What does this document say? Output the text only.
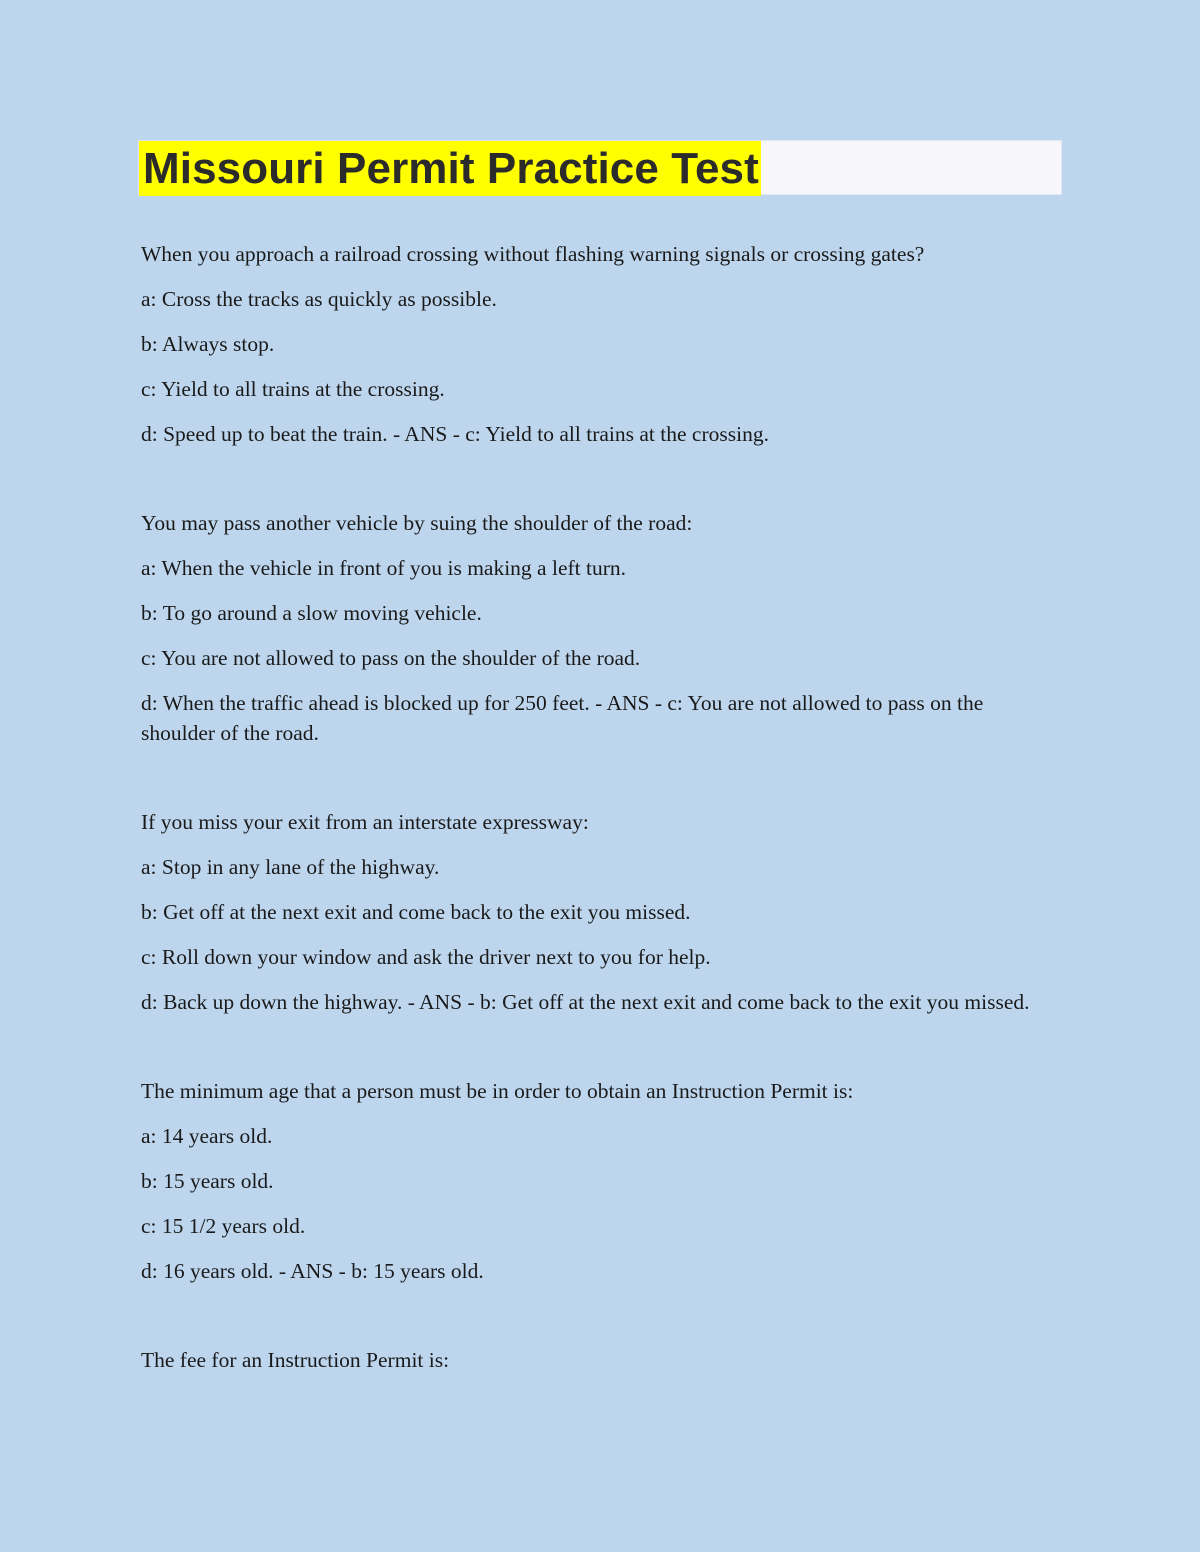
Missouri Permit Practice Test

When you approach a railroad crossing without flashing warning signals or crossing gates?

a: Cross the tracks as quickly as possible.

b: Always stop.

c: Yield to all trains at the crossing.

d: Speed up to beat the train. - ANS - c: Yield to all trains at the crossing.

You may pass another vehicle by suing the shoulder of the road:

a: When the vehicle in front of you is making a left turn.

b: To go around a slow moving vehicle.

c: You are not allowed to pass on the shoulder of the road.

d: When the traffic ahead is blocked up for 250 feet. - ANS - c: You are not allowed to pass on the shoulder of the road.

If you miss your exit from an interstate expressway:

a: Stop in any lane of the highway.

b: Get off at the next exit and come back to the exit you missed.

c: Roll down your window and ask the driver next to you for help.

d: Back up down the highway. - ANS - b: Get off at the next exit and come back to the exit you missed.

The minimum age that a person must be in order to obtain an Instruction Permit is:

a: 14 years old.

b: 15 years old.

c: 15 1/2 years old.

d: 16 years old. - ANS - b: 15 years old.

The fee for an Instruction Permit is:
